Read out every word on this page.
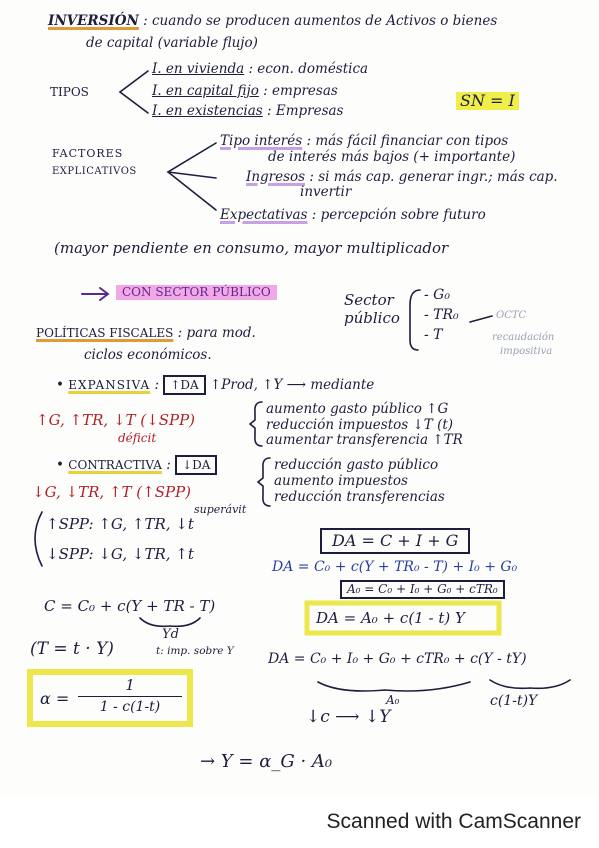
INVERSIÓN : cuando se producen aumentos de Activos o bienes
de capital (variable flujo)
TIPOS
I. en vivienda : econ. doméstica
I. en capital fijo : empresas
I. en existencias : Empresas
SN = I
FACTORES
EXPLICATIVOS
Tipo interés : más fácil financiar con tipos
de interés más bajos (+ importante)
Ingresos : si más cap. generar ingr.; más cap.
invertir
Expectativas : percepción sobre futuro
(mayor pendiente en consumo, mayor multiplicador
CON SECTOR PÚBLICO	Sector
público
- G₀
- TR₀
- T
OCTC
recaudación
impositiva
POLÍTICAS FISCALES : para mod.
ciclos económicos.
• EXPANSIVA : ↑DA ↑Prod, ↑Y ⟶ mediante
↑G, ↑TR, ↓T (↓SPP)
déficit
aumento gasto público ↑G
reducción impuestos ↓T (t)
aumentar transferencia ↑TR
• CONTRACTIVA : ↓DA
↓G, ↓TR, ↑T (↑SPP)
superávit
reducción gasto público
aumento impuestos
reducción transferencias
↑SPP: ↑G, ↑TR, ↓t
↓SPP: ↓G, ↓TR, ↑t
DA = C + I + G
DA = C₀ + c(Y + TR₀ - T) + I₀ + G₀
A₀ = C₀ + I₀ + G₀ + cTR₀
C = C₀ + c(Y + TR - T)
Yd
(T = t · Y)	t: imp. sobre Y
DA = A₀ + c(1 - t) Y
DA = C₀ + I₀ + G₀ + cTR₀ + c(Y - tY)
A₀	c(1-t)Y
$\alpha = \frac{1}{1 - c(1-t)}$
↓c ⟶ ↓Y
→ Y = α_G · A₀
Scanned with CamScanner
